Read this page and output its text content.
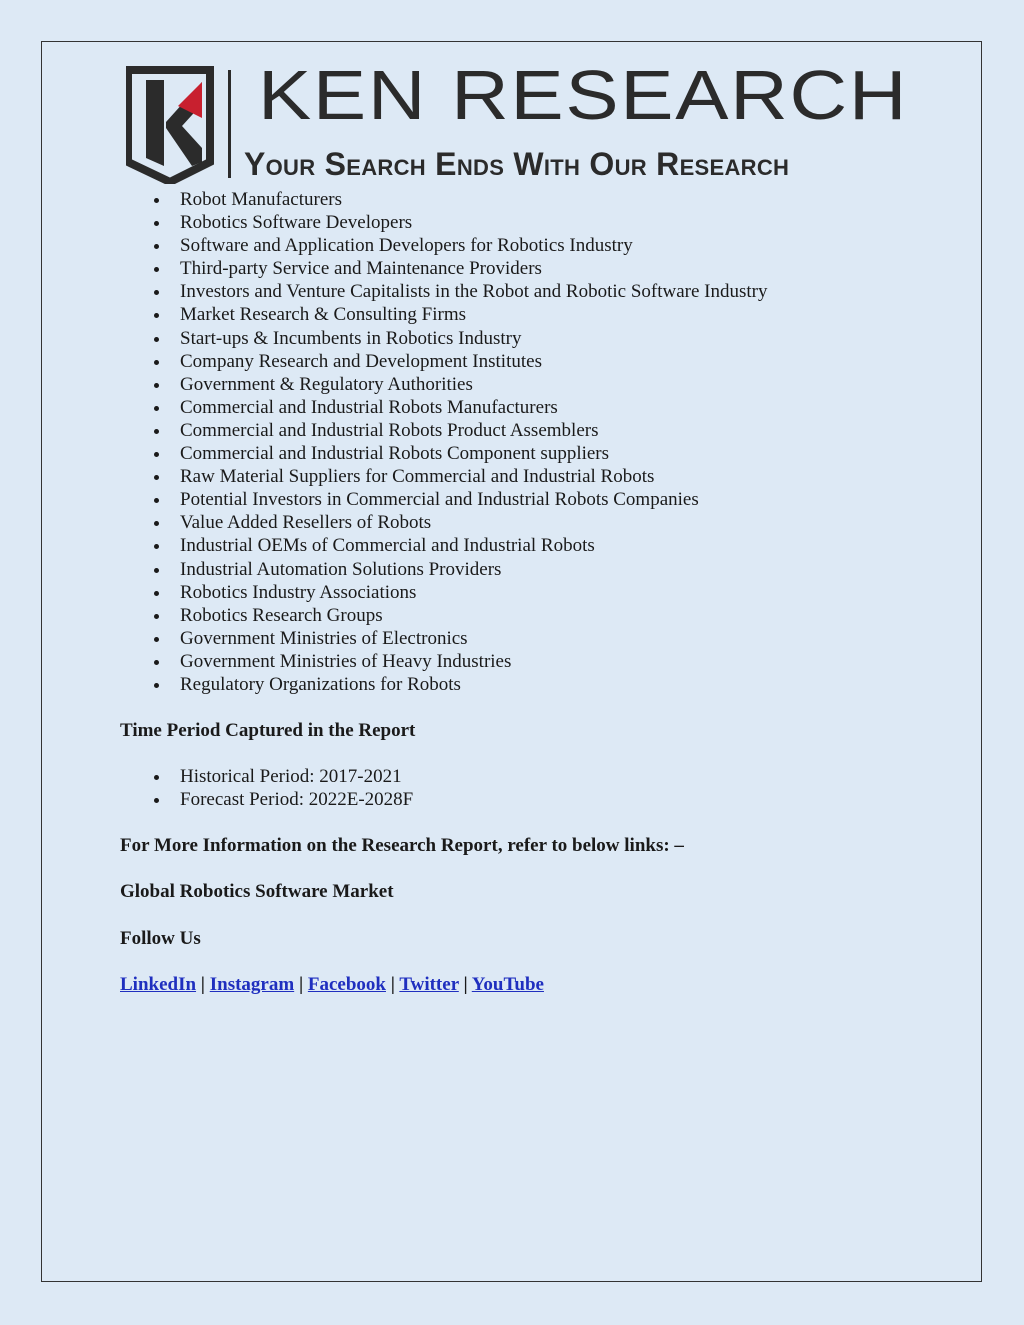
KEN RESEARCH
Your Search Ends With Our Research
Robot Manufacturers
Robotics Software Developers
Software and Application Developers for Robotics Industry
Third-party Service and Maintenance Providers
Investors and Venture Capitalists in the Robot and Robotic Software Industry
Market Research & Consulting Firms
Start-ups & Incumbents in Robotics Industry
Company Research and Development Institutes
Government & Regulatory Authorities
Commercial and Industrial Robots Manufacturers
Commercial and Industrial Robots Product Assemblers
Commercial and Industrial Robots Component suppliers
Raw Material Suppliers for Commercial and Industrial Robots
Potential Investors in Commercial and Industrial Robots Companies
Value Added Resellers of Robots
Industrial OEMs of Commercial and Industrial Robots
Industrial Automation Solutions Providers
Robotics Industry Associations
Robotics Research Groups
Government Ministries of Electronics
Government Ministries of Heavy Industries
Regulatory Organizations for Robots
Time Period Captured in the Report
Historical Period: 2017-2021
Forecast Period: 2022E-2028F
For More Information on the Research Report, refer to below links: –
Global Robotics Software Market
Follow Us
LinkedIn | Instagram | Facebook | Twitter | YouTube
